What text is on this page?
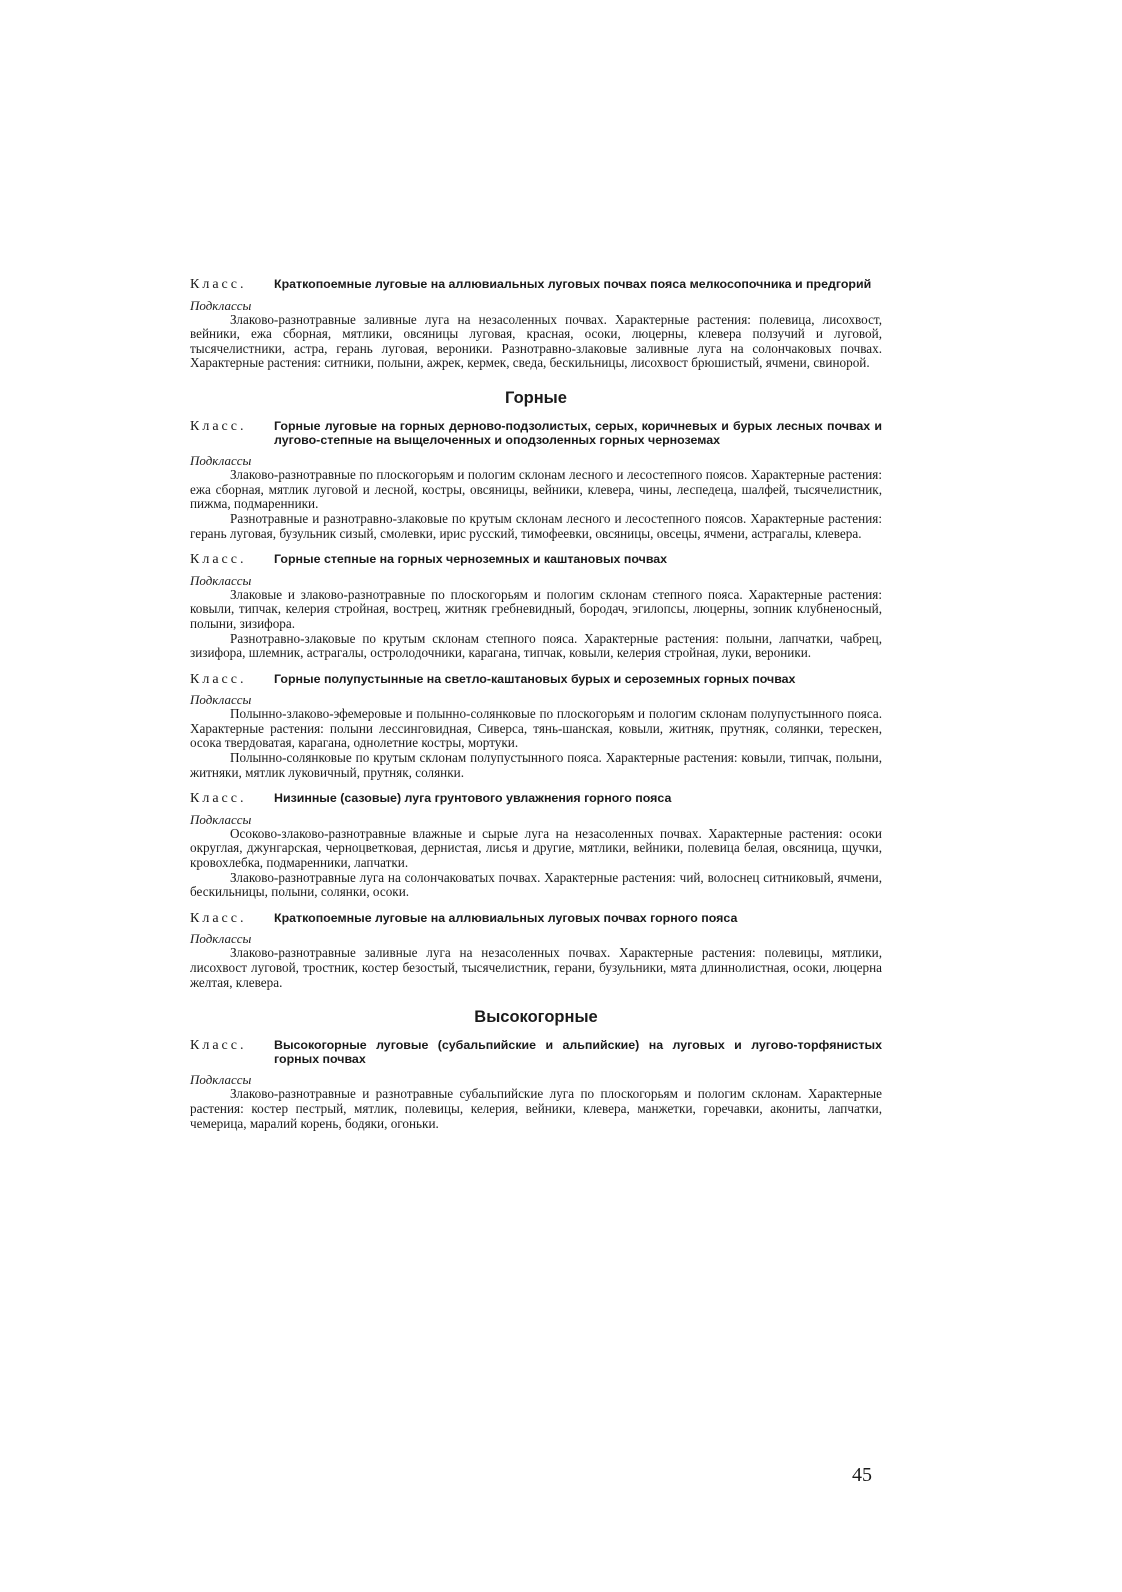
Класс.	Краткопоемные луговые на аллювиальных луговых почвах пояса мелкосопочника и предгорий
Подклассы

Злаково-разнотравные заливные луга на незасоленных почвах. Характерные растения: полевица, лисохвост, вейники, ежа сборная, мятлики, овсяницы луговая, красная, осоки, люцерны, клевера ползучий и луговой, тысячелистники, астра, герань луговая, вероники. Разнотравно-злаковые заливные луга на солончаковых почвах. Характерные растения: ситники, полыни, ажрек, кермек, сведа, бескильницы, лисохвост брюшистый, ячмени, свинорой.

Горные
Класс.	Горные луговые на горных дерново-подзолистых, серых, коричневых и бурых лесных почвах и лугово-степные на выщелоченных и оподзоленных горных черноземах
Подклассы

Злаково-разнотравные по плоскогорьям и пологим склонам лесного и лесостепного поясов. Характерные растения: ежа сборная, мятлик луговой и лесной, костры, овсяницы, вейники, клевера, чины, леспедеца, шалфей, тысячелистник, пижма, подмаренники.

Разнотравные и разнотравно-злаковые по крутым склонам лесного и лесостепного поясов. Характерные растения: герань луговая, бузульник сизый, смолевки, ирис русский, тимофеевки, овсяницы, овсецы, ячмени, астрагалы, клевера.

Класс.	Горные степные на горных черноземных и каштановых почвах
Подклассы

Злаковые и злаково-разнотравные по плоскогорьям и пологим склонам степного пояса. Характерные растения: ковыли, типчак, келерия стройная, вострец, житняк гребневидный, бородач, эгилопсы, люцерны, зопник клубненосный, полыни, зизифора.

Разнотравно-злаковые по крутым склонам степного пояса. Характерные растения: полыни, лапчатки, чабрец, зизифора, шлемник, астрагалы, остролодочники, карагана, типчак, ковыли, келерия стройная, луки, вероники.

Класс.	Горные полупустынные на светло-каштановых бурых и сероземных горных почвах
Подклассы

Полынно-злаково-эфемеровые и полынно-солянковые по плоскогорьям и пологим склонам полупустынного пояса. Характерные растения: полыни лессинговидная, Сиверса, тянь-шанская, ковыли, житняк, прутняк, солянки, терескен, осока твердоватая, карагана, однолетние костры, мортуки.

Полынно-солянковые по крутым склонам полупустынного пояса. Характерные растения: ковыли, типчак, полыни, житняки, мятлик луковичный, прутняк, солянки.

Класс.	Низинные (сазовые) луга грунтового увлажнения горного пояса
Подклассы

Осоково-злаково-разнотравные влажные и сырые луга на незасоленных почвах. Характерные растения: осоки округлая, джунгарская, черноцветковая, дернистая, лисья и другие, мятлики, вейники, полевица белая, овсяница, щучки, кровохлебка, подмаренники, лапчатки.

Злаково-разнотравные луга на солончаковатых почвах. Характерные растения: чий, волоснец ситниковый, ячмени, бескильницы, полыни, солянки, осоки.

Класс.	Краткопоемные луговые на аллювиальных луговых почвах горного пояса
Подклассы

Злаково-разнотравные заливные луга на незасоленных почвах. Характерные растения: полевицы, мятлики, лисохвост луговой, тростник, костер безостый, тысячелистник, герани, бузульники, мята длиннолистная, осоки, люцерна желтая, клевера.

Высокогорные
Класс.	Высокогорные луговые (субальпийские и альпийские) на луговых и лугово-торфянистых горных почвах
Подклассы

Злаково-разнотравные и разнотравные субальпийские луга по плоскогорьям и пологим склонам. Характерные растения: костер пестрый, мятлик, полевицы, келерия, вейники, клевера, манжетки, горечавки, акониты, лапчатки, чемерица, маралий корень, бодяки, огоньки.

45
